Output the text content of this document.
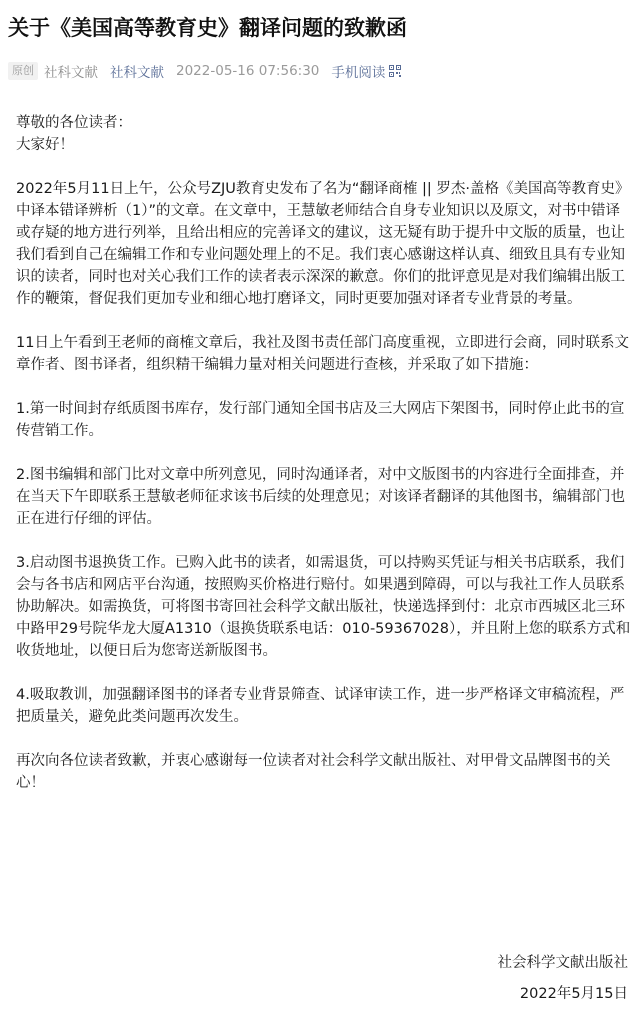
关于《美国高等教育史》翻译问题的致歉函
原创 社科文献 社科文献 2022-05-16 07:56:30 手机阅读

尊敬的各位读者：

大家好！

2022年5月11日上午，公众号ZJU教育史发布了名为“翻译商榷 || 罗杰·盖格《美国高等教育史》中译本错译辨析（1）”的文章。在文章中，王慧敏老师结合自身专业知识以及原文，对书中错译或存疑的地方进行列举，且给出相应的完善译文的建议，这无疑有助于提升中文版的质量，也让我们看到自己在编辑工作和专业问题处理上的不足。我们衷心感谢这样认真、细致且具有专业知识的读者，同时也对关心我们工作的读者表示深深的歉意。你们的批评意见是对我们编辑出版工作的鞭策，督促我们更加专业和细心地打磨译文，同时更要加强对译者专业背景的考量。

11日上午看到王老师的商榷文章后，我社及图书责任部门高度重视，立即进行会商，同时联系文章作者、图书译者，组织精干编辑力量对相关问题进行查核，并采取了如下措施：

1.第一时间封存纸质图书库存，发行部门通知全国书店及三大网店下架图书，同时停止此书的宣传营销工作。

2.图书编辑和部门比对文章中所列意见，同时沟通译者，对中文版图书的内容进行全面排查，并在当天下午即联系王慧敏老师征求该书后续的处理意见；对该译者翻译的其他图书，编辑部门也正在进行仔细的评估。

3.启动图书退换货工作。已购入此书的读者，如需退货，可以持购买凭证与相关书店联系，我们会与各书店和网店平台沟通，按照购买价格进行赔付。如果遇到障碍，可以与我社工作人员联系协助解决。如需换货，可将图书寄回社会科学文献出版社，快递选择到付：北京市西城区北三环中路甲29号院华龙大厦A1310（退换货联系电话：010-59367028），并且附上您的联系方式和收货地址，以便日后为您寄送新版图书。

4.吸取教训，加强翻译图书的译者专业背景筛查、试译审读工作，进一步严格译文审稿流程，严把质量关，避免此类问题再次发生。

再次向各位读者致歉，并衷心感谢每一位读者对社会科学文献出版社、对甲骨文品牌图书的关心！

社会科学文献出版社
2022年5月15日
